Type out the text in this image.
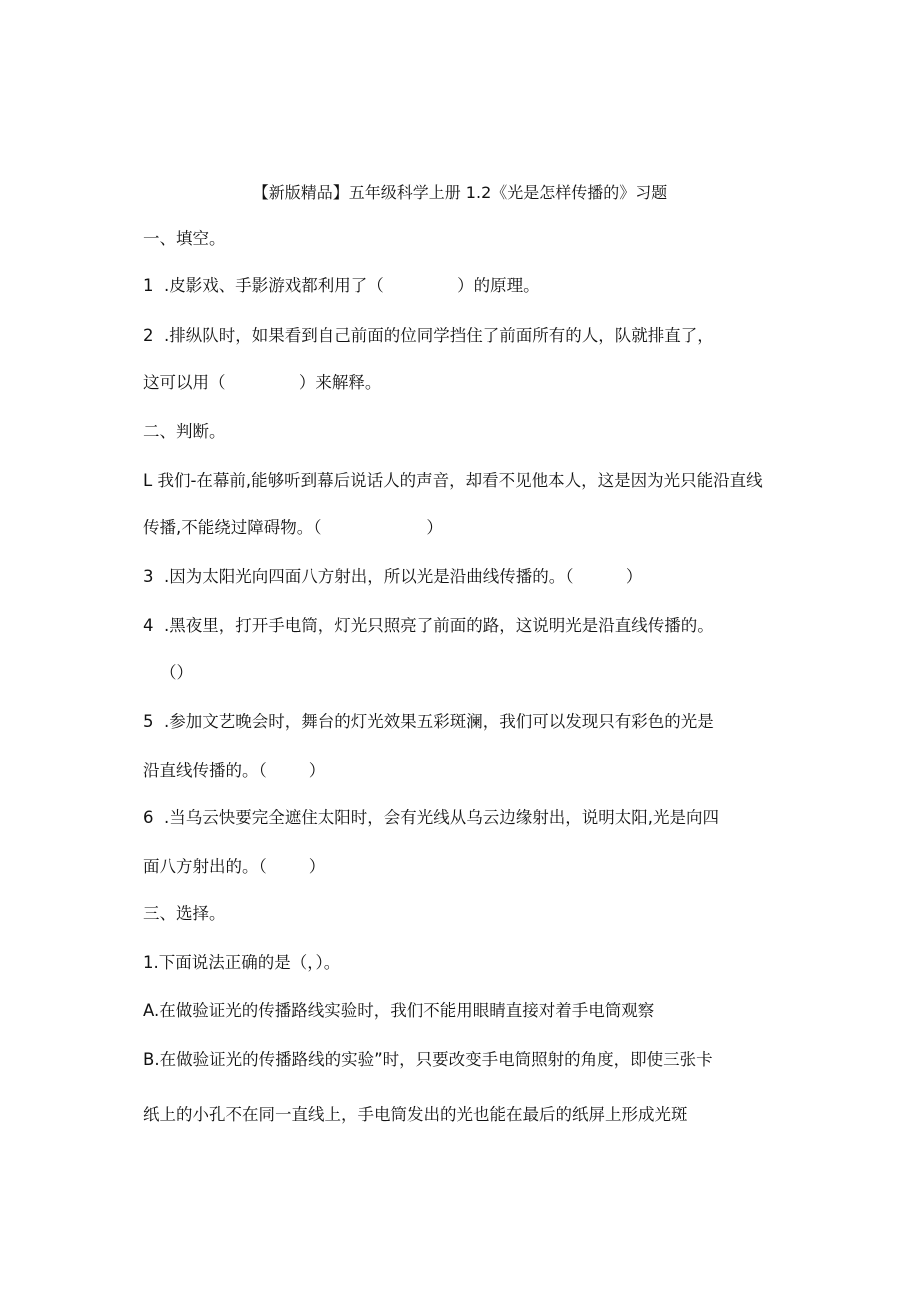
【新版精品】五年级科学上册 1.2《光是怎样传播的》习题
一、填空。
1  .皮影戏、手影游戏都利用了（              ）的原理。
2  .排纵队时，如果看到自己前面的位同学挡住了前面所有的人，队就排直了，
这可以用（              ）来解释。
二、判断。
L 我们-在幕前,能够听到幕后说话人的声音，却看不见他本人，这是因为光只能沿直线
传播,不能绕过障碍物。（                    ）
3  .因为太阳光向四面八方射出，所以光是沿曲线传播的。（          ）
4  .黑夜里，打开手电筒，灯光只照亮了前面的路，这说明光是沿直线传播的。
（）
5  .参加文艺晚会时，舞台的灯光效果五彩斑澜，我们可以发现只有彩色的光是
沿直线传播的。（        ）
6  .当乌云快要完全遮住太阳时，会有光线从乌云边缘射出，说明太阳,光是向四
面八方射出的。（        ）
三、选择。
1.下面说法正确的是（，）。
A.在做验证光的传播路线实验时，我们不能用眼睛直接对着手电筒观察
B.在做验证光的传播路线的实验”时，只要改变手电筒照射的角度，即使三张卡
纸上的小孔不在同一直线上，手电筒发出的光也能在最后的纸屏上形成光斑
